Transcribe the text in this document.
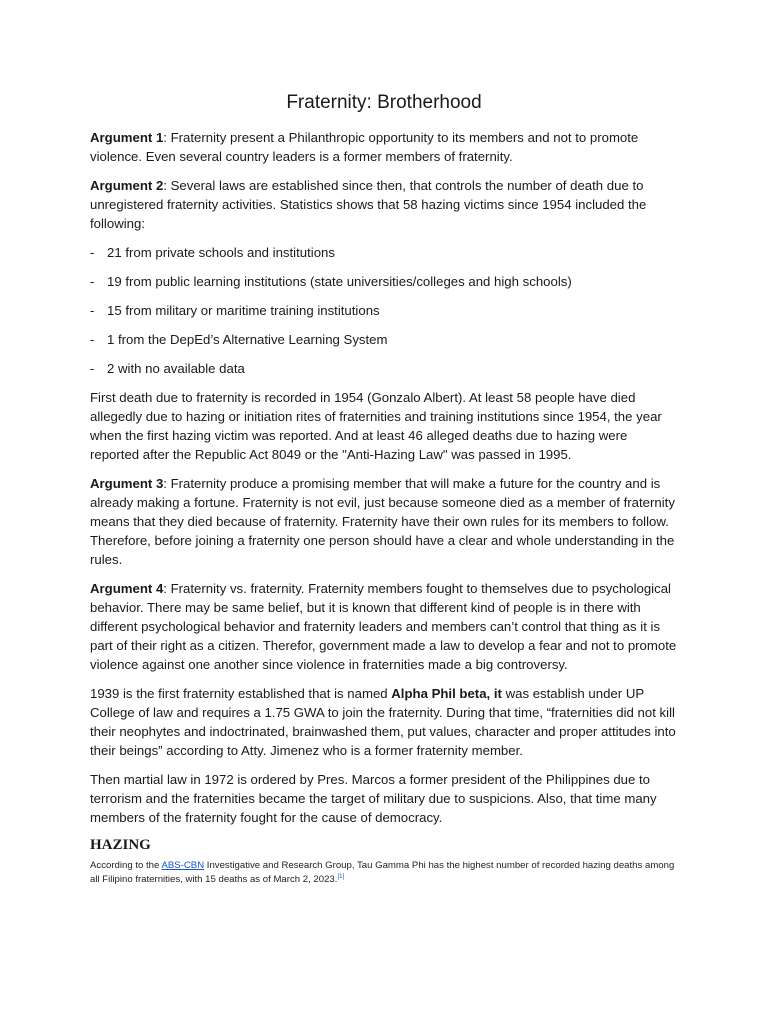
Fraternity: Brotherhood

Argument 1: Fraternity present a Philanthropic opportunity to its members and not to promote violence. Even several country leaders is a former members of fraternity.

Argument 2: Several laws are established since then, that controls the number of death due to unregistered fraternity activities. Statistics shows that 58 hazing victims since 1954 included the following:

- 21 from private schools and institutions
- 19 from public learning institutions (state universities/colleges and high schools)
- 15 from military or maritime training institutions
- 1 from the DepEd’s Alternative Learning System
- 2 with no available data

First death due to fraternity is recorded in 1954 (Gonzalo Albert). At least 58 people have died allegedly due to hazing or initiation rites of fraternities and training institutions since 1954, the year when the first hazing victim was reported. And at least 46 alleged deaths due to hazing were reported after the Republic Act 8049 or the "Anti-Hazing Law" was passed in 1995.

Argument 3: Fraternity produce a promising member that will make a future for the country and is already making a fortune. Fraternity is not evil, just because someone died as a member of fraternity means that they died because of fraternity. Fraternity have their own rules for its members to follow. Therefore, before joining a fraternity one person should have a clear and whole understanding in the rules.

Argument 4: Fraternity vs. fraternity. Fraternity members fought to themselves due to psychological behavior. There may be same belief, but it is known that different kind of people is in there with different psychological behavior and fraternity leaders and members can’t control that thing as it is part of their right as a citizen. Therefor, government made a law to develop a fear and not to promote violence against one another since violence in fraternities made a big controversy.

1939 is the first fraternity established that is named Alpha Phil beta, it was establish under UP College of law and requires a 1.75 GWA to join the fraternity. During that time, “fraternities did not kill their neophytes and indoctrinated, brainwashed them, put values, character and proper attitudes into their beings” according to Atty. Jimenez who is a former fraternity member.

Then martial law in 1972 is ordered by Pres. Marcos a former president of the Philippines due to terrorism and the fraternities became the target of military due to suspicions. Also, that time many members of the fraternity fought for the cause of democracy.

HAZING

According to the ABS-CBN Investigative and Research Group, Tau Gamma Phi has the highest number of recorded hazing deaths among all Filipino fraternities, with 15 deaths as of March 2, 2023.[1]
